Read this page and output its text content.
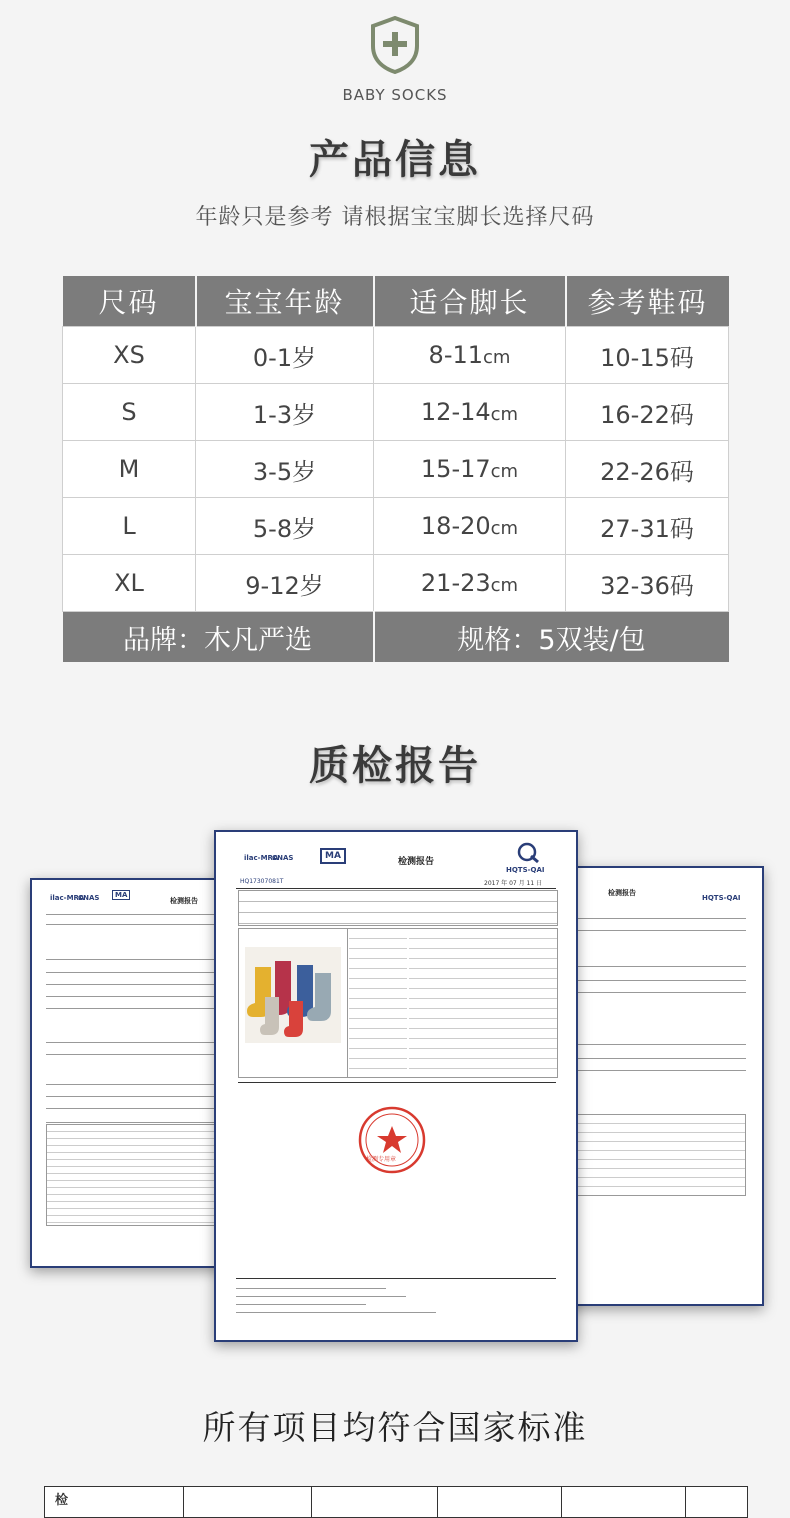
BABY SOCKS
产品信息
年龄只是参考 请根据宝宝脚长选择尺码
尺码	宝宝年龄	适合脚长	参考鞋码
XS	0-1岁	8-11cm	10-15码
S	1-3岁	12-14cm	16-22码
M	3-5岁	15-17cm	22-26码
L	5-8岁	18-20cm	27-31码
XL	9-12岁	21-23cm	32-36码
品牌：木凡严选		规格：5双装/包	
质检报告
ilac-MRA
CNAS	MA
检测报告
检测报告
HQTS-QAI
ilac-MRA
CNAS	MA
检测报告
HQTS-QAI
HQ17307081T	2017 年 07 月 11 日
检测专用章
所有项目均符合国家标准
检
